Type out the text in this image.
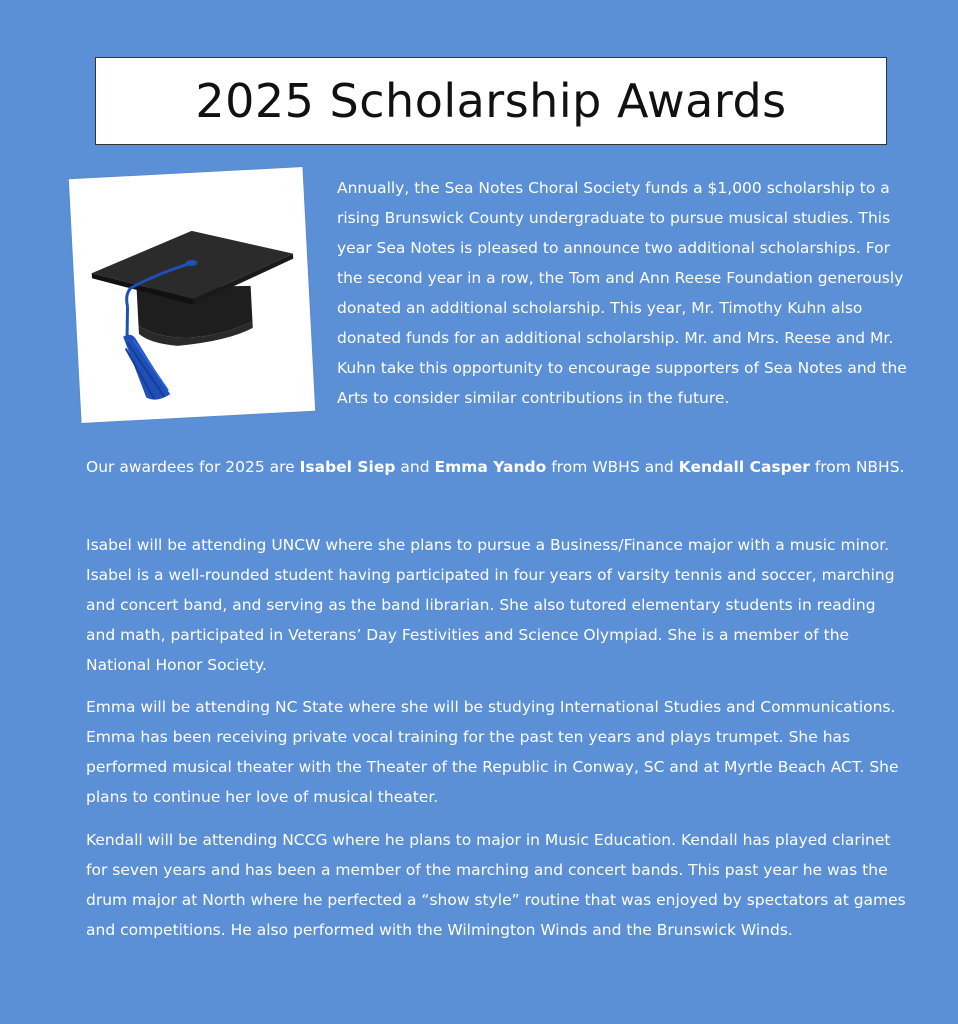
2025 Scholarship Awards

Annually, the Sea Notes Choral Society funds a $1,000 scholarship to a rising Brunswick County undergraduate to pursue musical studies. This year Sea Notes is pleased to announce two additional scholarships. For the second year in a row, the Tom and Ann Reese Foundation generously donated an additional scholarship. This year, Mr. Timothy Kuhn also donated funds for an additional scholarship. Mr. and Mrs. Reese and Mr. Kuhn take this opportunity to encourage supporters of Sea Notes and the Arts to consider similar contributions in the future.

Our awardees for 2025 are Isabel Siep and Emma Yando from WBHS and Kendall Casper from NBHS.

Isabel will be attending UNCW where she plans to pursue a Business/Finance major with a music minor. Isabel is a well-rounded student having participated in four years of varsity tennis and soccer, marching and concert band, and serving as the band librarian. She also tutored elementary students in reading and math, participated in Veterans’ Day Festivities and Science Olympiad. She is a member of the National Honor Society.

Emma will be attending NC State where she will be studying International Studies and Communications. Emma has been receiving private vocal training for the past ten years and plays trumpet. She has performed musical theater with the Theater of the Republic in Conway, SC and at Myrtle Beach ACT. She plans to continue her love of musical theater.

Kendall will be attending NCCG where he plans to major in Music Education. Kendall has played clarinet for seven years and has been a member of the marching and concert bands. This past year he was the drum major at North where he perfected a “show style” routine that was enjoyed by spectators at games and competitions. He also performed with the Wilmington Winds and the Brunswick Winds.
